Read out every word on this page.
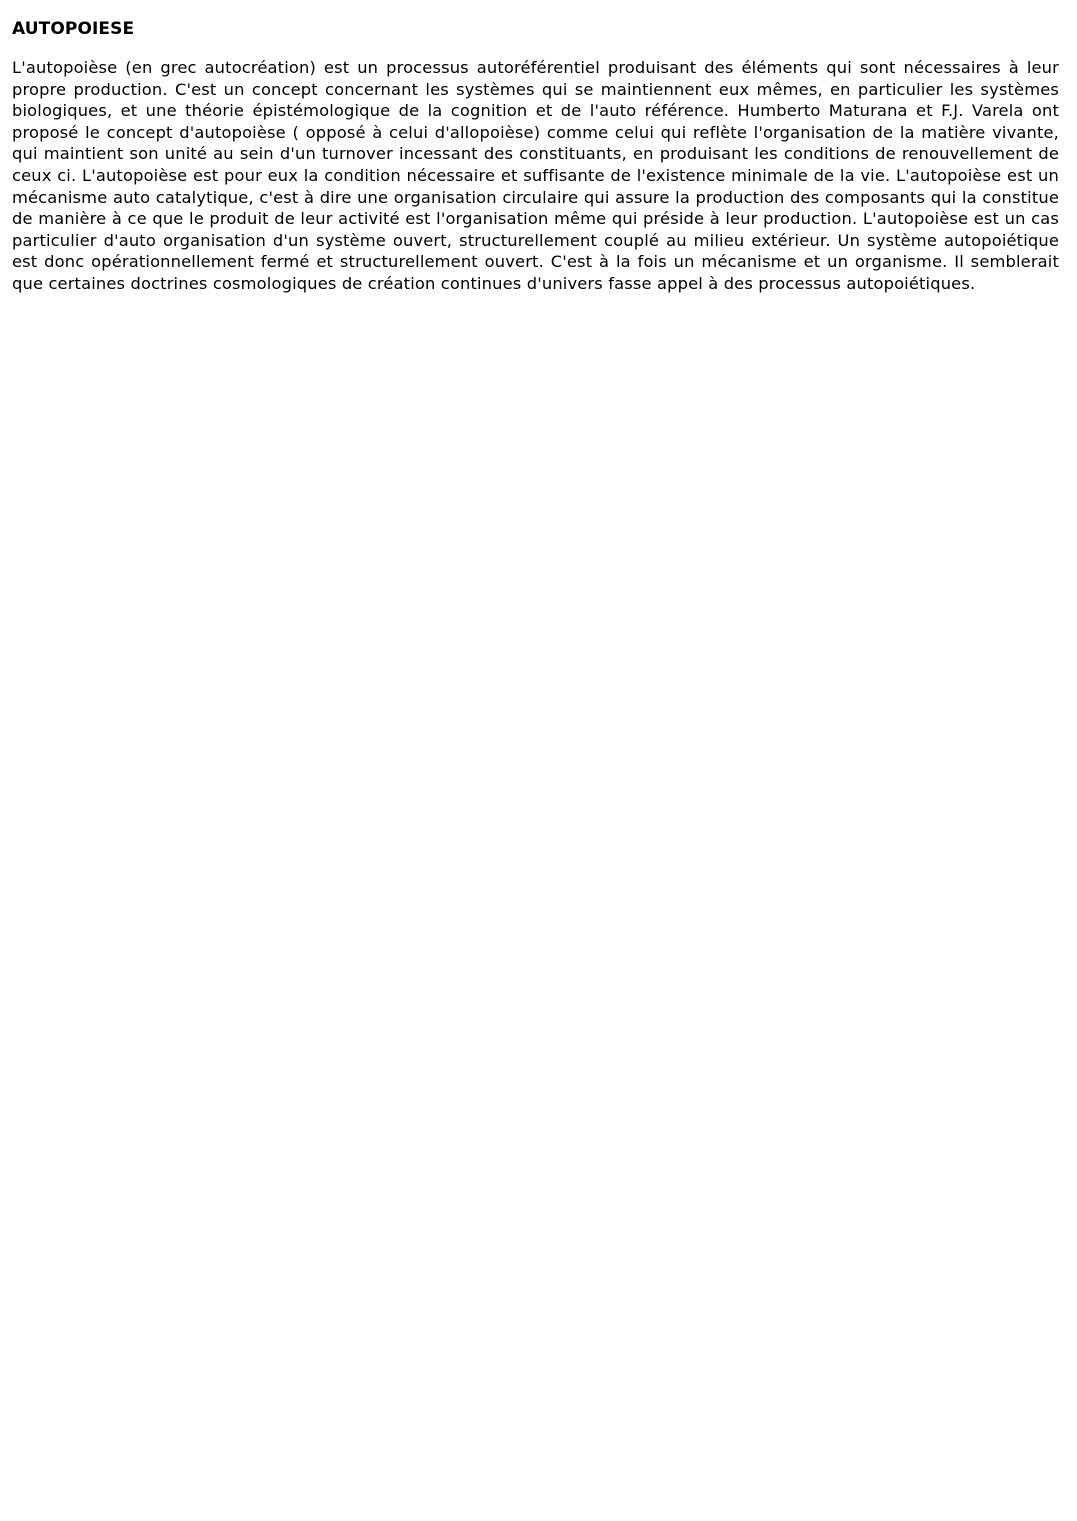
AUTOPOIESE

L'autopoièse (en grec autocréation) est un processus autoréférentiel produisant des éléments qui sont nécessaires à leur propre production. C'est un concept concernant les systèmes qui se maintiennent eux mêmes, en particulier les systèmes biologiques, et une théorie épistémologique de la cognition et de l'auto référence. Humberto Maturana et F.J. Varela ont proposé le concept d'autopoièse ( opposé à celui d'allopoièse) comme celui qui reflète l'organisation de la matière vivante, qui maintient son unité au sein d'un turnover incessant des constituants, en produisant les conditions de renouvellement de ceux ci. L'autopoièse est pour eux la condition nécessaire et suffisante de l'existence minimale de la vie. L'autopoièse est un mécanisme auto catalytique, c'est à dire une organisation circulaire qui assure la production des composants qui la constitue de manière à ce que le produit de leur activité est l'organisation même qui préside à leur production. L'autopoièse est un cas particulier d'auto organisation d'un système ouvert, structurellement couplé au milieu extérieur. Un système autopoiétique est donc opérationnellement fermé et structurellement ouvert. C'est à la fois un mécanisme et un organisme. Il semblerait que certaines doctrines cosmologiques de création continues d'univers fasse appel à des processus autopoiétiques.
